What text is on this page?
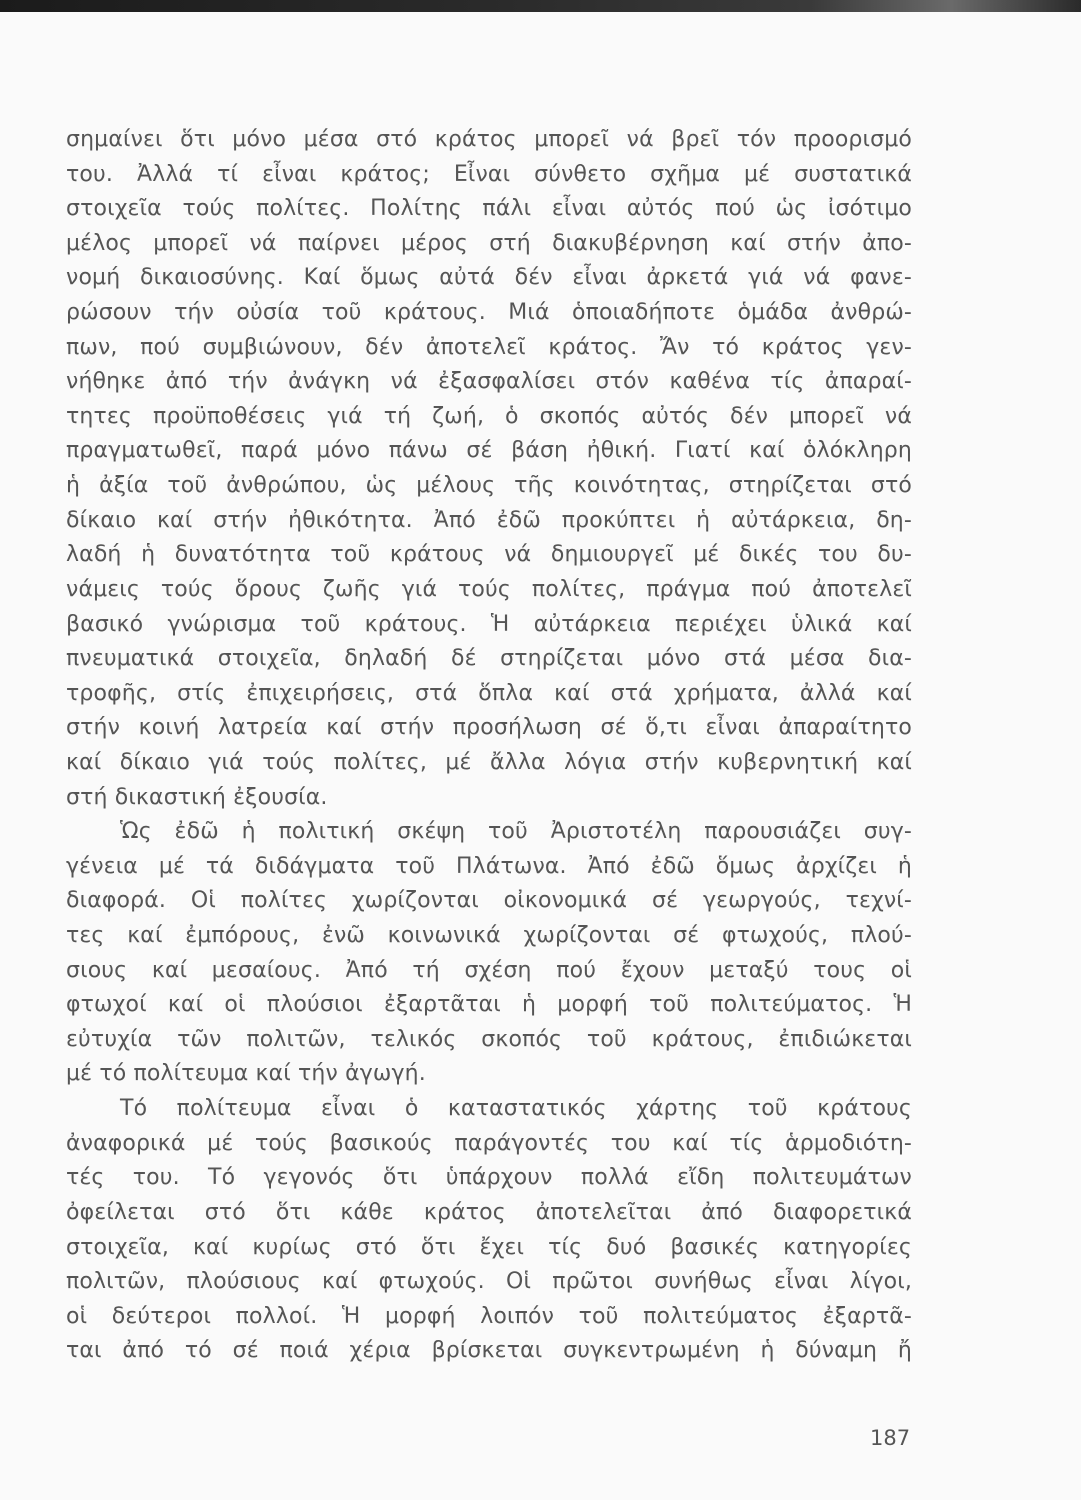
σημαίνει ὅτι μόνο μέσα στό κράτος μπορεῖ νά βρεῖ τόν προορισμό
του. Ἀλλά τί εἶναι κράτος; Εἶναι σύνθετο σχῆμα μέ συστατικά
στοιχεῖα τούς πολίτες. Πολίτης πάλι εἶναι αὐτός πού ὡς ἰσότιμο
μέλος μπορεῖ νά παίρνει μέρος στή διακυβέρνηση καί στήν ἀπο-
νομή δικαιοσύνης. Καί ὅμως αὐτά δέν εἶναι ἀρκετά γιά νά φανε-
ρώσουν τήν οὐσία τοῦ κράτους. Μιά ὁποιαδήποτε ὁμάδα ἀνθρώ-
πων, πού συμβιώνουν, δέν ἀποτελεῖ κράτος. Ἄν τό κράτος γεν-
νήθηκε ἀπό τήν ἀνάγκη νά ἐξασφαλίσει στόν καθένα τίς ἀπαραί-
τητες προϋποθέσεις γιά τή ζωή, ὁ σκοπός αὐτός δέν μπορεῖ νά
πραγματωθεῖ, παρά μόνο πάνω σέ βάση ἠθική. Γιατί καί ὁλόκληρη
ἡ ἀξία τοῦ ἀνθρώπου, ὡς μέλους τῆς κοινότητας, στηρίζεται στό
δίκαιο καί στήν ἠθικότητα. Ἀπό ἐδῶ προκύπτει ἡ αὐτάρκεια, δη-
λαδή ἡ δυνατότητα τοῦ κράτους νά δημιουργεῖ μέ δικές του δυ-
νάμεις τούς ὅρους ζωῆς γιά τούς πολίτες, πράγμα πού ἀποτελεῖ
βασικό γνώρισμα τοῦ κράτους. Ἡ αὐτάρκεια περιέχει ὑλικά καί
πνευματικά στοιχεῖα, δηλαδή δέ στηρίζεται μόνο στά μέσα δια-
τροφῆς, στίς ἐπιχειρήσεις, στά ὅπλα καί στά χρήματα, ἀλλά καί
στήν κοινή λατρεία καί στήν προσήλωση σέ ὅ,τι εἶναι ἀπαραίτητο
καί δίκαιο γιά τούς πολίτες, μέ ἄλλα λόγια στήν κυβερνητική καί
στή δικαστική ἐξουσία.
Ὡς ἐδῶ ἡ πολιτική σκέψη τοῦ Ἀριστοτέλη παρουσιάζει συγ-
γένεια μέ τά διδάγματα τοῦ Πλάτωνα. Ἀπό ἐδῶ ὅμως ἀρχίζει ἡ
διαφορά. Οἱ πολίτες χωρίζονται οἰκονομικά σέ γεωργούς, τεχνί-
τες καί ἐμπόρους, ἐνῶ κοινωνικά χωρίζονται σέ φτωχούς, πλού-
σιους καί μεσαίους. Ἀπό τή σχέση πού ἔχουν μεταξύ τους οἱ
φτωχοί καί οἱ πλούσιοι ἐξαρτᾶται ἡ μορφή τοῦ πολιτεύματος. Ἡ
εὐτυχία τῶν πολιτῶν, τελικός σκοπός τοῦ κράτους, ἐπιδιώκεται
μέ τό πολίτευμα καί τήν ἀγωγή.
Τό πολίτευμα εἶναι ὁ καταστατικός χάρτης τοῦ κράτους
ἀναφορικά μέ τούς βασικούς παράγοντές του καί τίς ἁρμοδιότη-
τές του. Τό γεγονός ὅτι ὑπάρχουν πολλά εἴδη πολιτευμάτων
ὀφείλεται στό ὅτι κάθε κράτος ἀποτελεῖται ἀπό διαφορετικά
στοιχεῖα, καί κυρίως στό ὅτι ἔχει τίς δυό βασικές κατηγορίες
πολιτῶν, πλούσιους καί φτωχούς. Οἱ πρῶτοι συνήθως εἶναι λίγοι,
οἱ δεύτεροι πολλοί. Ἡ μορφή λοιπόν τοῦ πολιτεύματος ἐξαρτᾶ-
ται ἀπό τό σέ ποιά χέρια βρίσκεται συγκεντρωμένη ἡ δύναμη ἤ
187
